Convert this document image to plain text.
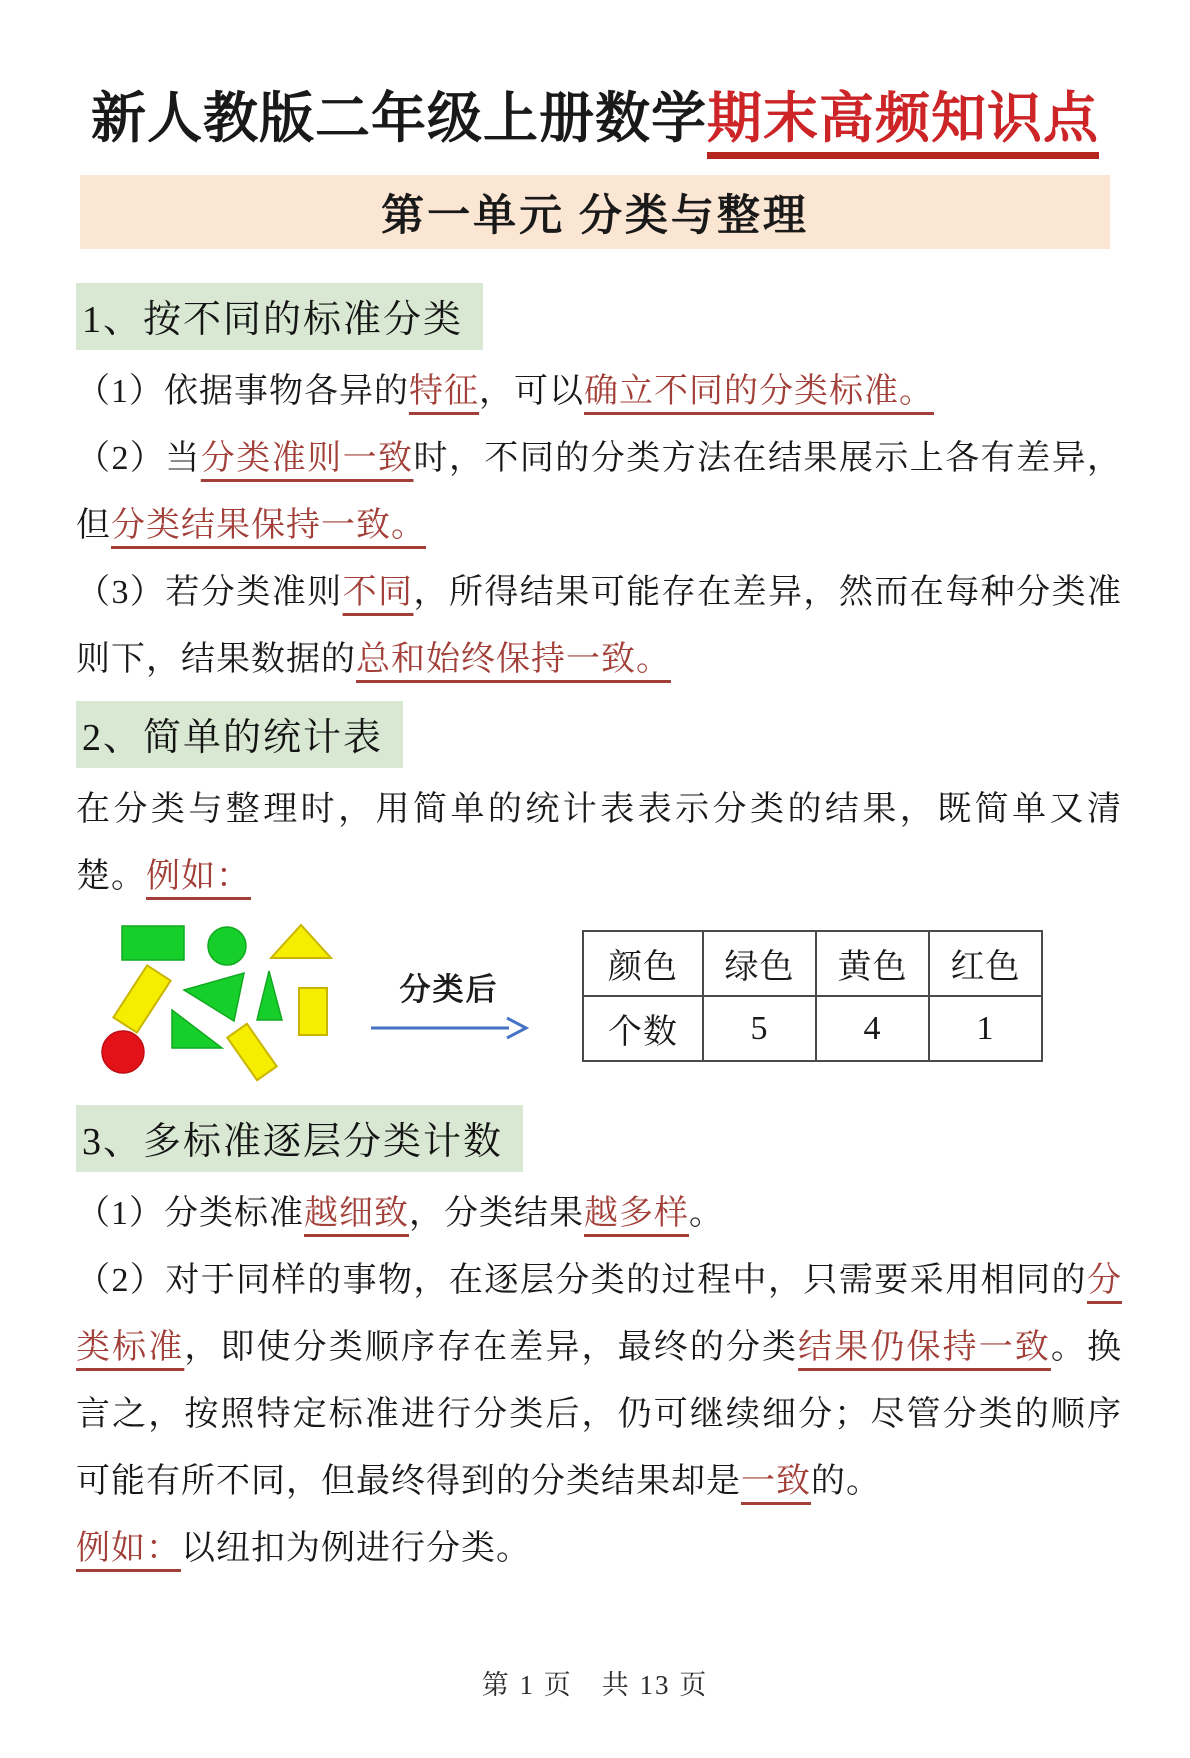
新人教版二年级上册数学期末高频知识点
第一单元 分类与整理
1、按不同的标准分类

（1）依据事物各异的特征，可以确立不同的分类标准。

（2）当分类准则一致时，不同的分类方法在结果展示上各有差异，但分类结果保持一致。

（3）若分类准则不同，所得结果可能存在差异，然而在每种分类准则下，结果数据的总和始终保持一致。

2、简单的统计表

在分类与整理时，用简单的统计表表示分类的结果，既简单又清楚。例如：

分类后
颜色	绿色	黄色	红色
个数	5	4	1
3、多标准逐层分类计数

（1）分类标准越细致，分类结果越多样。

（2）对于同样的事物，在逐层分类的过程中，只需要采用相同的分类标准，即使分类顺序存在差异，最终的分类结果仍保持一致。换言之，按照特定标准进行分类后，仍可继续细分；尽管分类的顺序可能有所不同，但最终得到的分类结果却是一致的。

例如：以纽扣为例进行分类。

第 1 页　共 13 页
